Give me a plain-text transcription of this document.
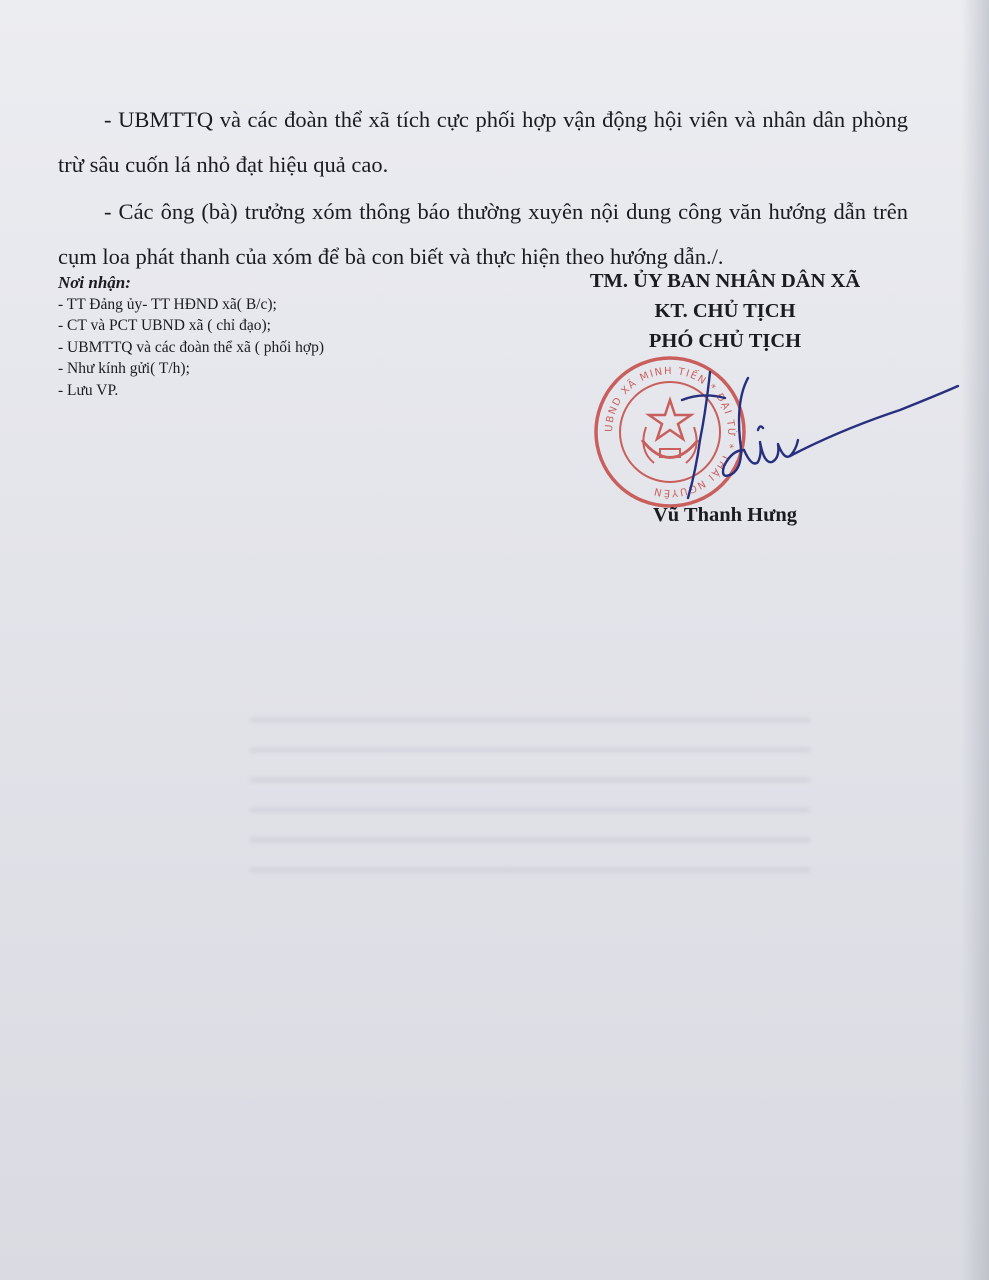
- UBMTTQ và các đoàn thể xã tích cực phối hợp vận động hội viên và nhân dân phòng trừ sâu cuốn lá nhỏ đạt hiệu quả cao.

- Các ông (bà) trưởng xóm thông báo thường xuyên nội dung công văn hướng dẫn trên cụm loa phát thanh của xóm để bà con biết và thực hiện theo hướng dẫn./.

Nơi nhận:
- TT Đảng ủy- TT HĐND xã( B/c);
- CT và PCT UBND xã ( chỉ đạo);
- UBMTTQ và các đoàn thể xã ( phối hợp)
- Như kính gửi( T/h);
- Lưu VP.
TM. ỦY BAN NHÂN DÂN XÃ
KT. CHỦ TỊCH
PHÓ CHỦ TỊCH
UBND XÃ MINH TIẾN * ĐẠI TỪ * THÁI NGUYÊN
Vũ Thanh Hưng
